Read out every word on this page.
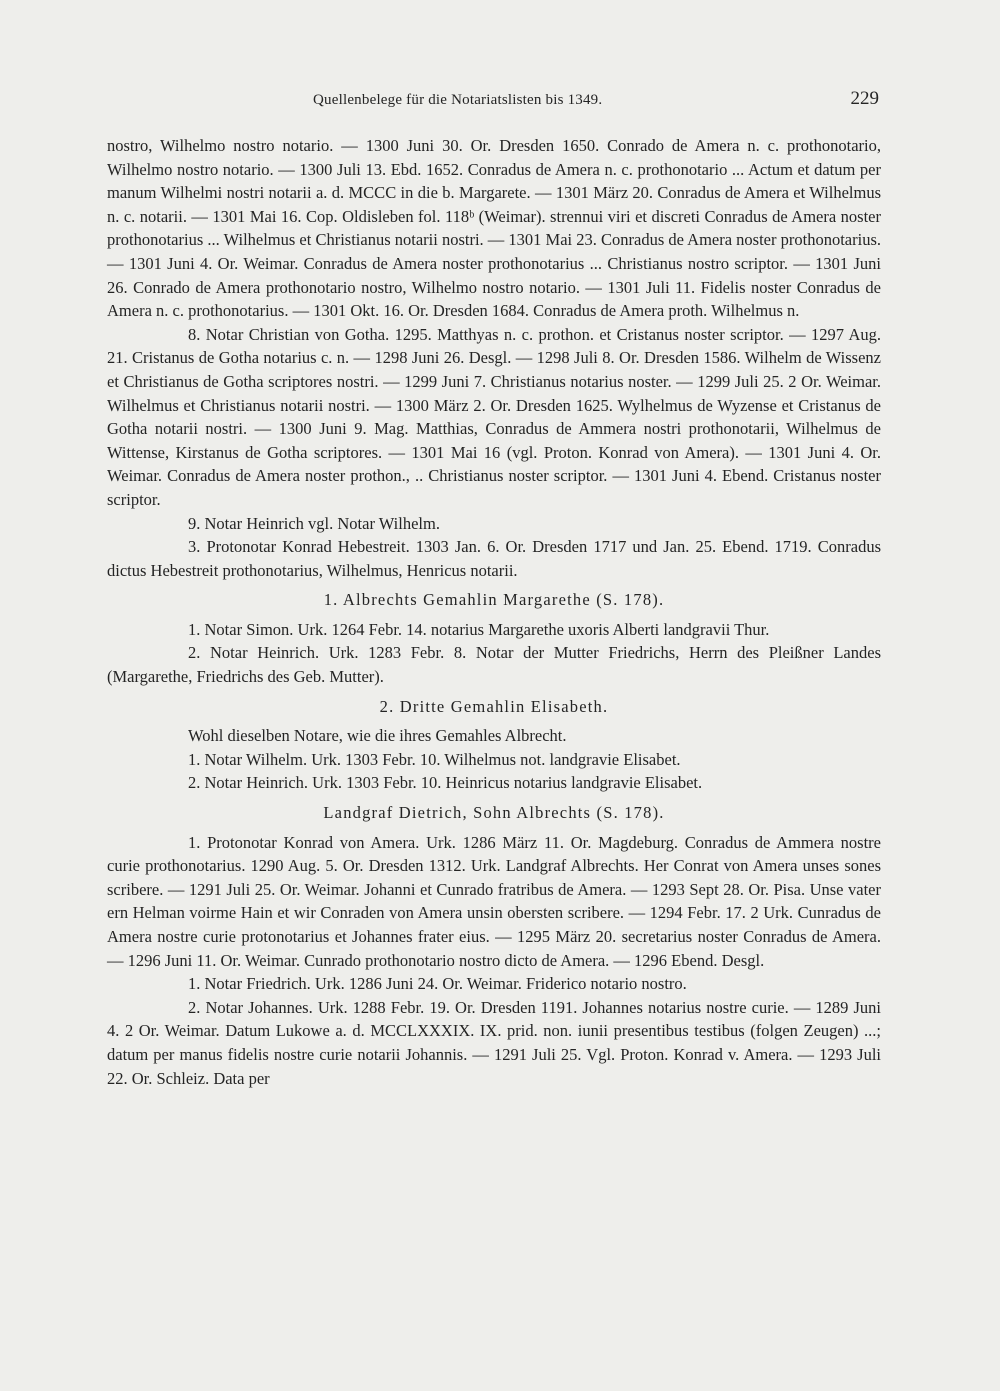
Quellenbelege für die Notariatslisten bis 1349.	229

nostro, Wilhelmo nostro notario. — 1300 Juni 30. Or. Dresden 1650. Conrado de Amera n. c. prothonotario, Wilhelmo nostro notario. — 1300 Juli 13. Ebd. 1652. Conradus de Amera n. c. prothonotario ... Actum et datum per manum Wilhelmi nostri notarii a. d. MCCC in die b. Margarete. — 1301 März 20. Conradus de Amera et Wilhelmus n. c. notarii. — 1301 Mai 16. Cop. Oldisleben fol. 118ᵇ (Weimar). strennui viri et discreti Conradus de Amera noster prothonotarius ... Wilhelmus et Christianus notarii nostri. — 1301 Mai 23. Conradus de Amera noster prothonotarius. — 1301 Juni 4. Or. Weimar. Conradus de Amera noster prothonotarius ... Christianus nostro scriptor. — 1301 Juni 26. Conrado de Amera prothonotario nostro, Wilhelmo nostro notario. — 1301 Juli 11. Fidelis noster Conradus de Amera n. c. prothonotarius. — 1301 Okt. 16. Or. Dresden 1684. Conradus de Amera proth. Wilhelmus n.

8. Notar Christian von Gotha. 1295. Matthyas n. c. prothon. et Cristanus noster scriptor. — 1297 Aug. 21. Cristanus de Gotha notarius c. n. — 1298 Juni 26. Desgl. — 1298 Juli 8. Or. Dresden 1586. Wilhelm de Wissenz et Christianus de Gotha scriptores nostri. — 1299 Juni 7. Christianus notarius noster. — 1299 Juli 25. 2 Or. Weimar. Wilhelmus et Christianus notarii nostri. — 1300 März 2. Or. Dresden 1625. Wylhelmus de Wyzense et Cristanus de Gotha notarii nostri. — 1300 Juni 9. Mag. Matthias, Conradus de Ammera nostri prothonotarii, Wilhelmus de Wittense, Kirstanus de Gotha scriptores. — 1301 Mai 16 (vgl. Proton. Konrad von Amera). — 1301 Juni 4. Or. Weimar. Conradus de Amera noster prothon., .. Christianus noster scriptor. — 1301 Juni 4. Ebend. Cristanus noster scriptor.

9. Notar Heinrich vgl. Notar Wilhelm.

3. Protonotar Konrad Hebestreit. 1303 Jan. 6. Or. Dresden 1717 und Jan. 25. Ebend. 1719. Conradus dictus Hebestreit prothonotarius, Wilhelmus, Henricus notarii.

1. Albrechts Gemahlin Margarethe (S. 178).

1. Notar Simon. Urk. 1264 Febr. 14. notarius Margarethe uxoris Alberti landgravii Thur.

2. Notar Heinrich. Urk. 1283 Febr. 8. Notar der Mutter Friedrichs, Herrn des Pleißner Landes (Margarethe, Friedrichs des Geb. Mutter).

2. Dritte Gemahlin Elisabeth.

Wohl dieselben Notare, wie die ihres Gemahles Albrecht.

1. Notar Wilhelm. Urk. 1303 Febr. 10. Wilhelmus not. landgravie Elisabet.

2. Notar Heinrich. Urk. 1303 Febr. 10. Heinricus notarius landgravie Elisabet.

Landgraf Dietrich, Sohn Albrechts (S. 178).

1. Protonotar Konrad von Amera. Urk. 1286 März 11. Or. Magdeburg. Conradus de Ammera nostre curie prothonotarius. 1290 Aug. 5. Or. Dresden 1312. Urk. Landgraf Albrechts. Her Conrat von Amera unses sones scribere. — 1291 Juli 25. Or. Weimar. Johanni et Cunrado fratribus de Amera. — 1293 Sept 28. Or. Pisa. Unse vater ern Helman voirme Hain et wir Conraden von Amera unsin obersten scribere. — 1294 Febr. 17. 2 Urk. Cunradus de Amera nostre curie protonotarius et Johannes frater eius. — 1295 März 20. secretarius noster Conradus de Amera. — 1296 Juni 11. Or. Weimar. Cunrado prothonotario nostro dicto de Amera. — 1296 Ebend. Desgl.

1. Notar Friedrich. Urk. 1286 Juni 24. Or. Weimar. Friderico notario nostro.

2. Notar Johannes. Urk. 1288 Febr. 19. Or. Dresden 1191. Johannes notarius nostre curie. — 1289 Juni 4. 2 Or. Weimar. Datum Lukowe a. d. MCCLXXXIX. IX. prid. non. iunii presentibus testibus (folgen Zeugen) ...; datum per manus fidelis nostre curie notarii Johannis. — 1291 Juli 25. Vgl. Proton. Konrad v. Amera. — 1293 Juli 22. Or. Schleiz. Data per
